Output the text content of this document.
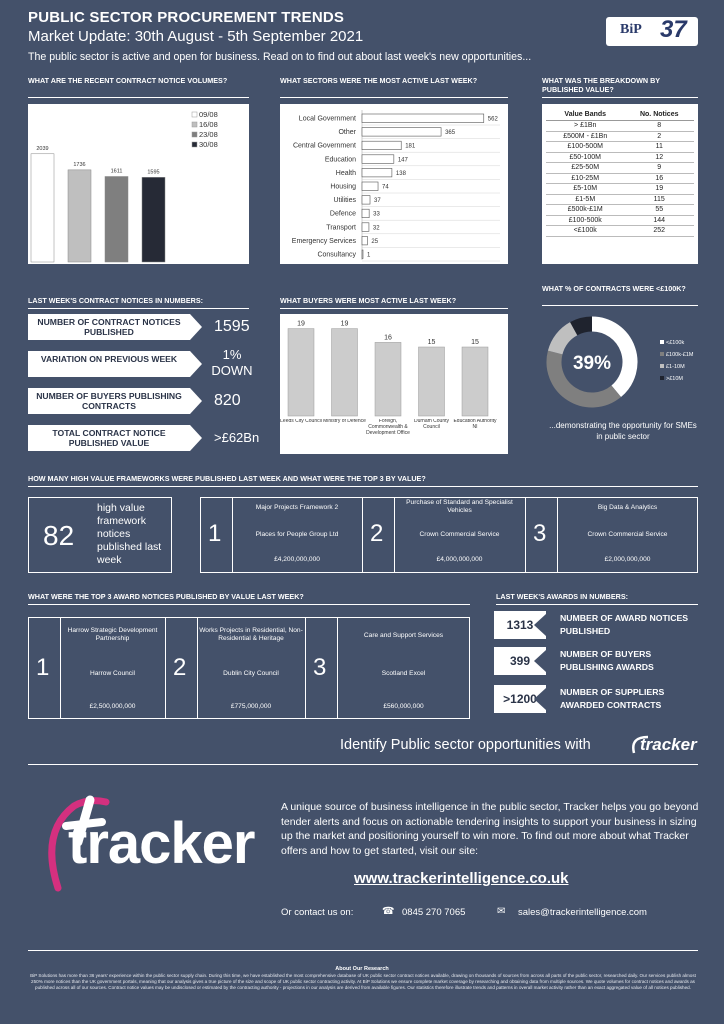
PUBLIC SECTOR PROCUREMENT TRENDS
Market Update: 30th August - 5th September 2021
The public sector is active and open for business. Read on to find out about last week's new opportunities...
BiP 37
WHAT ARE THE RECENT CONTRACT NOTICE VOLUMES?	WHAT SECTORS WERE THE MOST ACTIVE LAST WEEK?	WHAT WAS THE BREAKDOWN BY PUBLISHED VALUE?
2039
1736
1611	1595
09/08
16/08
23/08
30/08
Local Government	562
Other	365
Central Government	181
Education	147
Health	138
Housing	74
Utilities	37
Defence	33
Transport	32
Emergency Services	25
Consultancy 1
Value Bands	No. Notices
> £1Bn	8
£500M - £1Bn	2
£100-500M	11
£50-100M	12
£25-50M	9
£10-25M	16
£5-10M	19
£1-5M	115
£500k-£1M	55
£100-500k	144
<£100k	252
LAST WEEK'S CONTRACT NOTICES IN NUMBERS:	WHAT BUYERS WERE MOST ACTIVE LAST WEEK?
WHAT % OF CONTRACTS WERE <£100K?
NUMBER OF CONTRACT NOTICES PUBLISHED	1595
VARIATION ON PREVIOUS WEEK	1%
DOWN
NUMBER OF BUYERS PUBLISHING CONTRACTS	820
TOTAL CONTRACT NOTICE PUBLISHED VALUE	>£62Bn
19
Leeds City Council
19
Ministry of Defence
16
Foreign, Commonwealth & Development Office
15
Durham County Council
15
Education Authority NI
39%
<£100k
£100k-£1M
£1-10M
>£10M
...demonstrating the opportunity for SMEs in public sector
HOW MANY HIGH VALUE FRAMEWORKS WERE PUBLISHED LAST WEEK AND WHAT WERE THE TOP 3 BY VALUE?
82
high value framework notices published last week
1
Major Projects Framework 2
Places for People Group Ltd
£4,200,000,000
2
Purchase of Standard and Specialist Vehicles
Crown Commercial Service
£4,000,000,000
3
Big Data & Analytics
Crown Commercial Service
£2,000,000,000
WHAT WERE THE TOP 3 AWARD NOTICES PUBLISHED BY VALUE LAST WEEK?	LAST WEEK'S AWARDS IN NUMBERS:
1
Harrow Strategic Development Partnership
Harrow Council
£2,500,000,000
2
Works Projects in Residential, Non-Residential & Heritage
Dublin City Council
£775,000,000
3
Care and Support Services
Scotland Excel
£560,000,000
1313	NUMBER OF AWARD NOTICES PUBLISHED
399	NUMBER OF BUYERS PUBLISHING AWARDS
>1200	NUMBER OF SUPPLIERS AWARDED CONTRACTS
Identify Public sector opportunities with	tracker
tracker
A unique source of business intelligence in the public sector, Tracker helps you go beyond tender alerts and focus on actionable tendering insights to support your business in sizing up the market and positioning yourself to win more. To find out more about what Tracker offers and how to get started, visit our site:
www.trackerintelligence.co.uk
Or contact us on:	☎ 0845 270 7065	✉ sales@trackerintelligence.com
About Our Research
BiP Solutions has more than 36 years' experience within the public sector supply chain. During this time, we have established the most comprehensive database of UK public sector contract notices available, drawing on thousands of sources from across all parts of the public sector, researched daily. Our services publish almost 250% more notices than the UK government portals, meaning that our analysis gives a true picture of the size and scope of UK public sector contracting activity. At BiP Solutions we ensure complete market coverage by researching and obtaining data from multiple sources. We quote volumes for contract notices and awards as published across all of our sources. Contract notice values may be undisclosed or estimated by the contracting authority - projections in our analysis are derived from available figures. Our statistics therefore illustrate trends and patterns in overall market activity rather than an exact aggregated value of all notices published.
